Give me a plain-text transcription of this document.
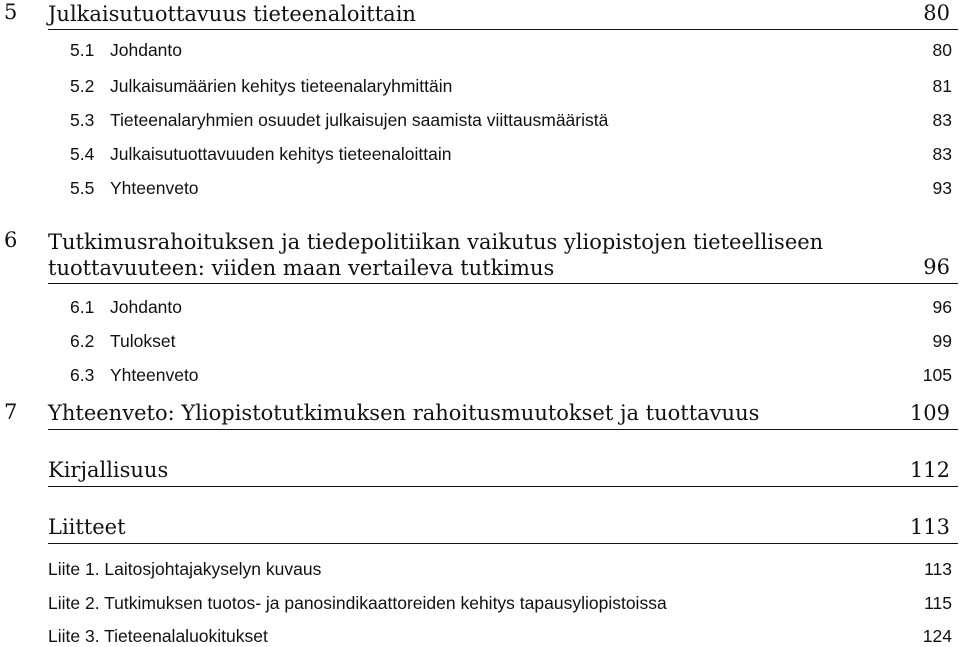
5 Julkaisutuottavuus tieteenaloittain	80
5.1 Johdanto	80
5.2 Julkaisumäärien kehitys tieteenalaryhmittäin	81
5.3 Tieteenalaryhmien osuudet julkaisujen saamista viittausmääristä	83
5.4 Julkaisutuottavuuden kehitys tieteenaloittain	83
5.5 Yhteenveto	93
6 Tutkimusrahoituksen ja tiedepolitiikan vaikutus yliopistojen tieteelliseen
tuottavuuteen: viiden maan vertaileva tutkimus	96
6.1 Johdanto	96
6.2 Tulokset	99
6.3 Yhteenveto	105
7 Yhteenveto: Yliopistotutkimuksen rahoitusmuutokset ja tuottavuus	109
Kirjallisuus	112
Liitteet	113
Liite 1. Laitosjohtajakyselyn kuvaus	113
Liite 2. Tutkimuksen tuotos- ja panosindikaattoreiden kehitys tapausyliopistoissa	115
Liite 3. Tieteenalaluokitukset	124
